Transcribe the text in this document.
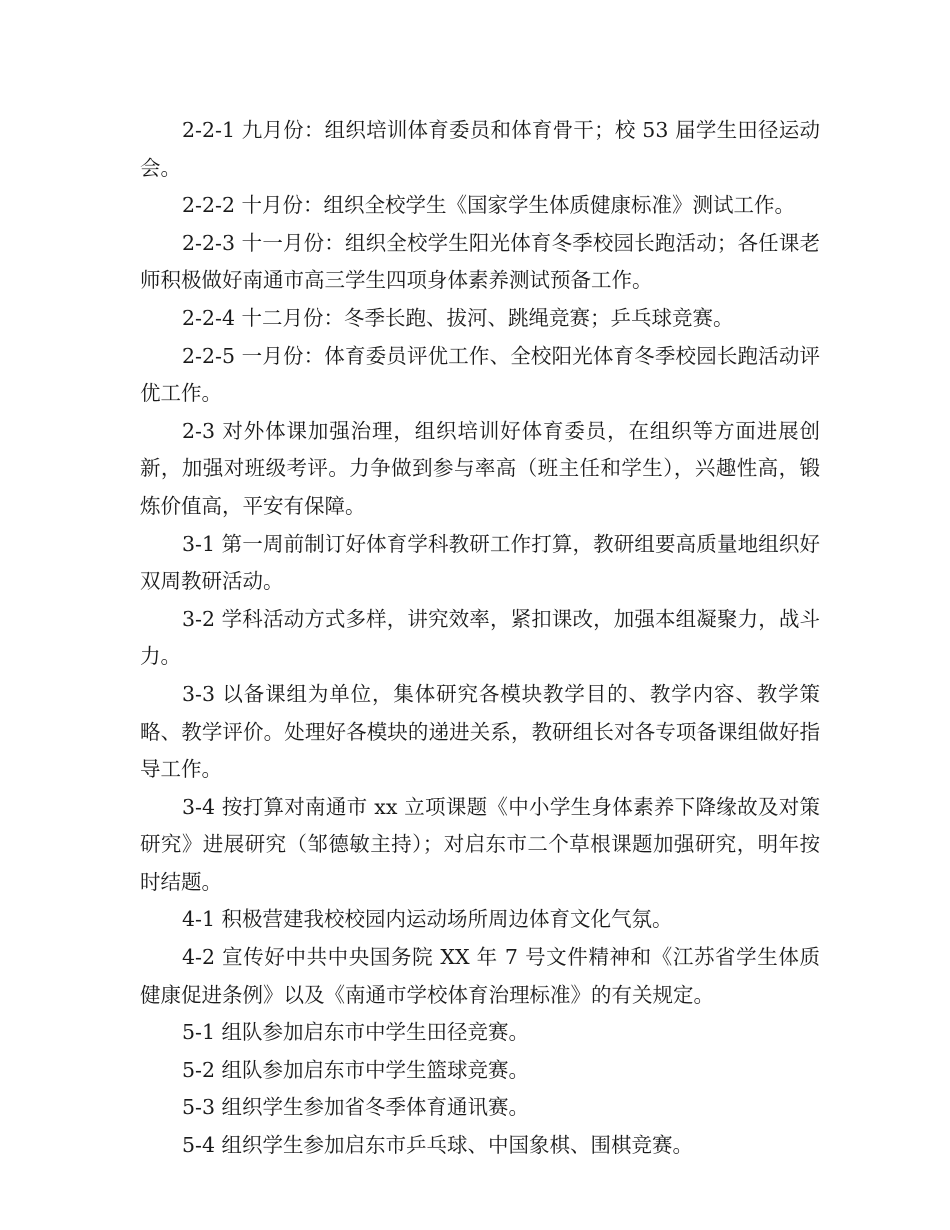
2-2-1 九月份：组织培训体育委员和体育骨干；校 53 届学生田径运动会。

2-2-2 十月份：组织全校学生《国家学生体质健康标准》测试工作。

2-2-3 十一月份：组织全校学生阳光体育冬季校园长跑活动；各任课老师积极做好南通市高三学生四项身体素养测试预备工作。

2-2-4 十二月份：冬季长跑、拔河、跳绳竞赛；乒乓球竞赛。

2-2-5 一月份：体育委员评优工作、全校阳光体育冬季校园长跑活动评优工作。

2-3 对外体课加强治理，组织培训好体育委员，在组织等方面进展创新，加强对班级考评。力争做到参与率高（班主任和学生），兴趣性高，锻炼价值高，平安有保障。

3-1 第一周前制订好体育学科教研工作打算，教研组要高质量地组织好双周教研活动。

3-2 学科活动方式多样，讲究效率，紧扣课改，加强本组凝聚力，战斗力。

3-3 以备课组为单位，集体研究各模块教学目的、教学内容、教学策略、教学评价。处理好各模块的递进关系，教研组长对各专项备课组做好指导工作。

3-4 按打算对南通市 xx 立项课题《中小学生身体素养下降缘故及对策研究》进展研究（邹德敏主持）；对启东市二个草根课题加强研究，明年按时结题。

4-1 积极营建我校校园内运动场所周边体育文化气氛。

4-2 宣传好中共中央国务院 XX 年 7 号文件精神和《江苏省学生体质健康促进条例》以及《南通市学校体育治理标准》的有关规定。

5-1 组队参加启东市中学生田径竞赛。

5-2 组队参加启东市中学生篮球竞赛。

5-3 组织学生参加省冬季体育通讯赛。

5-4 组织学生参加启东市乒乓球、中国象棋、围棋竞赛。
